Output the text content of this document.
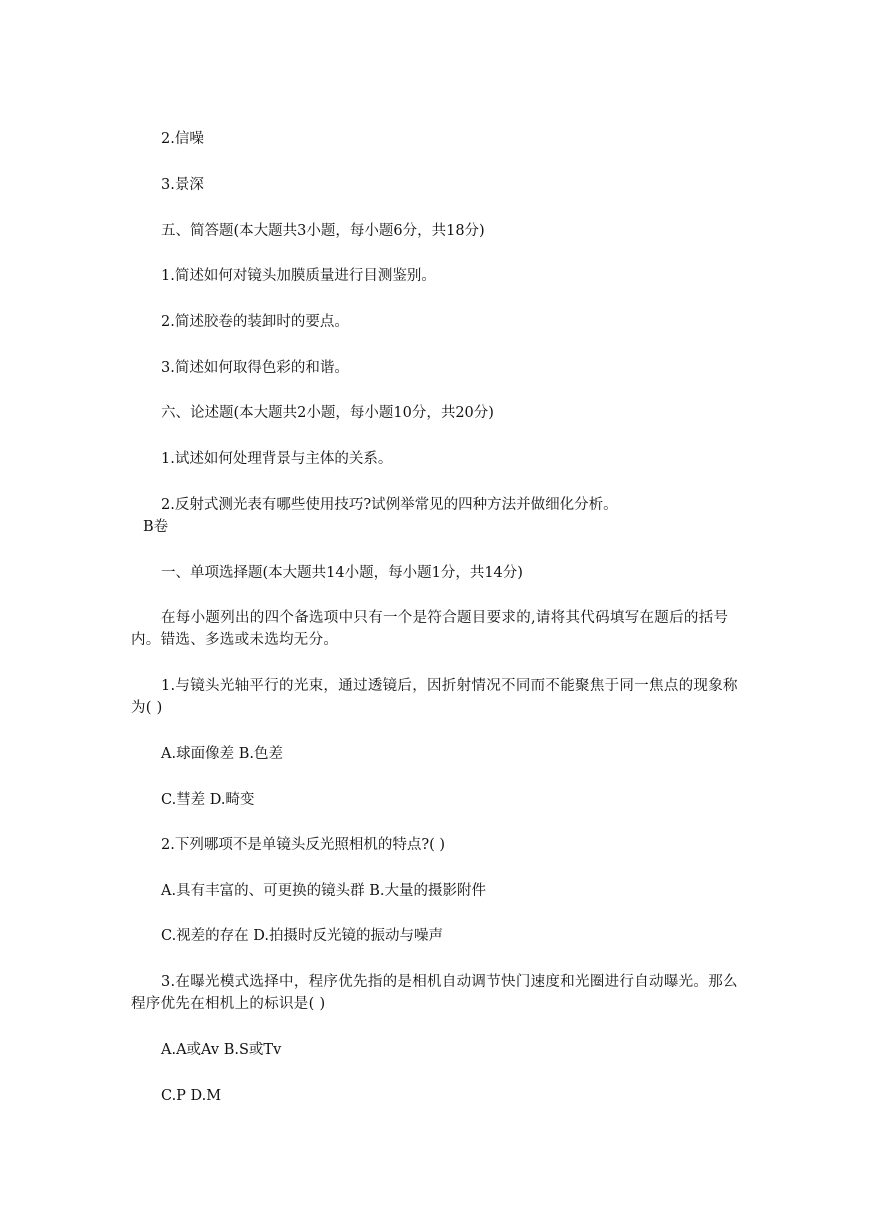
2.信噪
3.景深
五、简答题(本大题共3小题，每小题6分，共18分)
1.简述如何对镜头加膜质量进行目测鉴别。
2.简述胶卷的装卸时的要点。
3.简述如何取得色彩的和谐。
六、论述题(本大题共2小题，每小题10分，共20分)
1.试述如何处理背景与主体的关系。
2.反射式测光表有哪些使用技巧?试例举常见的四种方法并做细化分析。
B卷
一、单项选择题(本大题共14小题，每小题1分，共14分)
在每小题列出的四个备选项中只有一个是符合题目要求的,请将其代码填写在题后的括号内。错选、多选或未选均无分。
1.与镜头光轴平行的光束，通过透镜后，因折射情况不同而不能聚焦于同一焦点的现象称为( )
A.球面像差 B.色差
C.彗差 D.畸变
2.下列哪项不是单镜头反光照相机的特点?( )
A.具有丰富的、可更换的镜头群 B.大量的摄影附件
C.视差的存在 D.拍摄时反光镜的振动与噪声
3.在曝光模式选择中，程序优先指的是相机自动调节快门速度和光圈进行自动曝光。那么程序优先在相机上的标识是( )
A.A或Av B.S或Tv
C.P D.M
